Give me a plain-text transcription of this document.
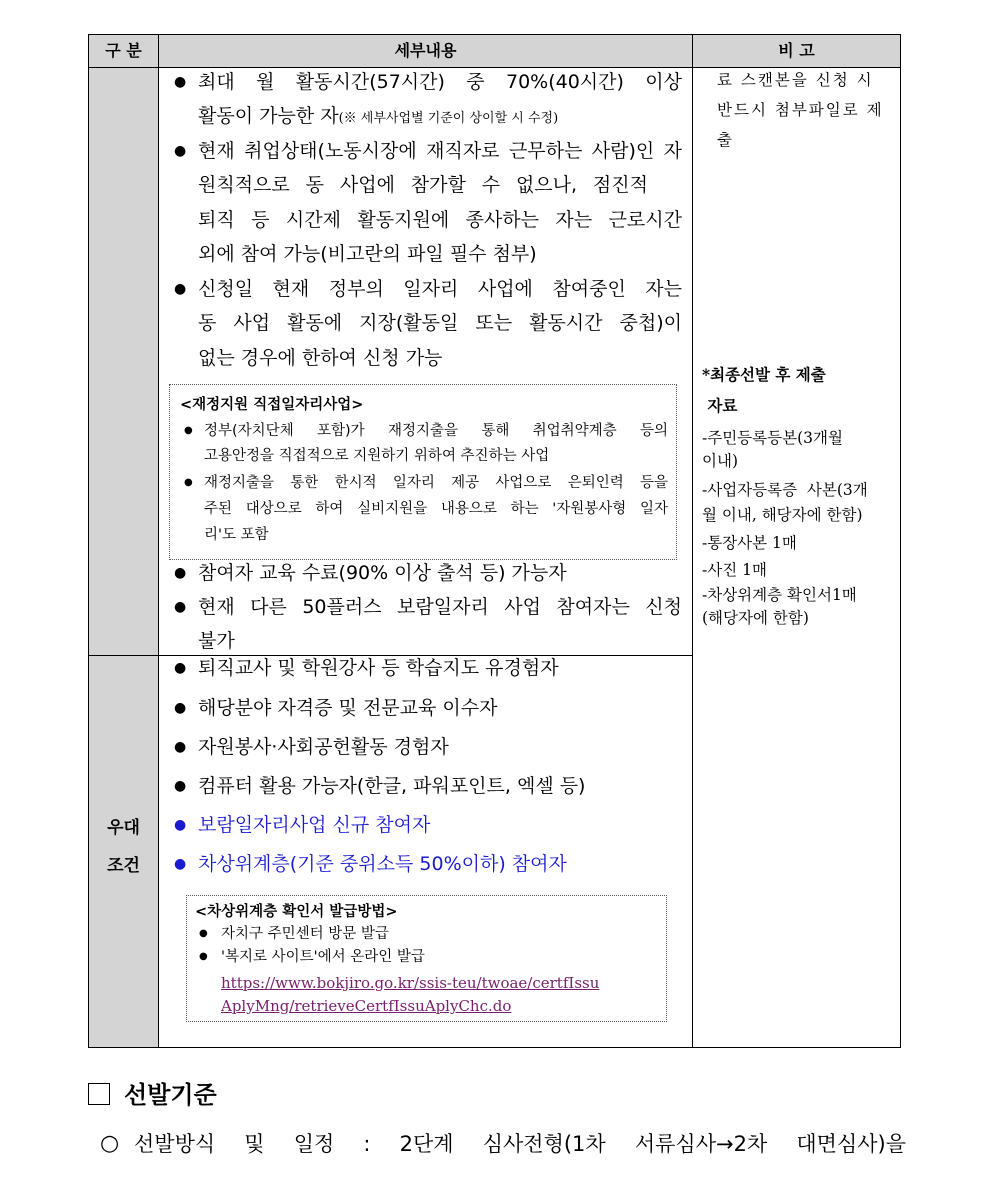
구 분	세부내용	비 고
우대
조건
● 최대 월 활동시간(57시간) 중 70%(40시간) 이상
활동이 가능한 자(※ 세부사업별 기준이 상이할 시 수정)
● 현재 취업상태(노동시장에 재직자로 근무하는 사람)인 자
원칙적으로 동 사업에 참가할 수 없으나, 점진적
퇴직 등 시간제 활동지원에 종사하는 자는 근로시간
외에 참여 가능(비고란의 파일 필수 첨부)
● 신청일 현재 정부의 일자리 사업에 참여중인 자는
동 사업 활동에 지장(활동일 또는 활동시간 중첩)이
없는 경우에 한하여 신청 가능
<재정지원 직접일자리사업>
● 정부(자치단체 포함)가 재정지출을 통해 취업취약계층 등의
고용안정을 직접적으로 지원하기 위하여 추진하는 사업
● 재정지출을 통한 한시적 일자리 제공 사업으로 은퇴인력 등을
주된 대상으로 하여 실비지원을 내용으로 하는 '자원봉사형 일자
리'도 포함
● 참여자 교육 수료(90% 이상 출석 등) 가능자
● 현재 다른 50플러스 보람일자리 사업 참여자는 신청
불가
● 퇴직교사 및 학원강사 등 학습지도 유경험자
● 해당분야 자격증 및 전문교육 이수자
● 자원봉사·사회공헌활동 경험자
● 컴퓨터 활용 가능자(한글, 파워포인트, 엑셀 등)
● 보람일자리사업 신규 참여자
● 차상위계층(기준 중위소득 50%이하) 참여자
<차상위계층 확인서 발급방법>
● 자치구 주민센터 방문 발급
● '복지로 사이트'에서 온라인 발급
https://www.bokjiro.go.kr/ssis-teu/twoae/certfIssu
AplyMng/retrieveCertfIssuAplyChc.do
료 스캔본을 신청 시
반드시 첨부파일로 제
출
*최종선발 후 제출
자료
-주민등록등본(3개월
이내)
-사업자등록증  사본(3개
월 이내, 해당자에 한함)
-통장사본 1매
-사진 1매
-차상위계층 확인서1매
(해당자에 한함)
선발기준
○ 선발방식 및 일정 : 2단계 심사전형(1차 서류심사→2차 대면심사)을
